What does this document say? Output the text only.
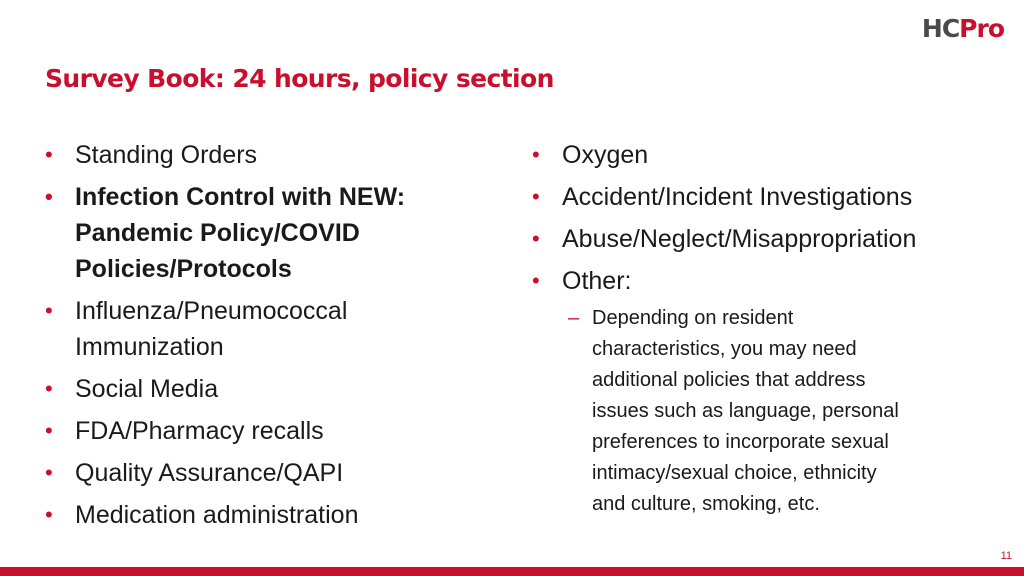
HCPro
Survey Book: 24 hours, policy section
• Standing Orders
• Infection Control with NEW:
Pandemic Policy/COVID
Policies/Protocols
• Influenza/Pneumococcal
Immunization
• Social Media
• FDA/Pharmacy recalls
• Quality Assurance/QAPI
• Medication administration
• Oxygen
• Accident/Incident Investigations
• Abuse/Neglect/Misappropriation
• Other:
– Depending on resident
characteristics, you may need
additional policies that address
issues such as language, personal
preferences to incorporate sexual
intimacy/sexual choice, ethnicity
and culture, smoking, etc.
11
